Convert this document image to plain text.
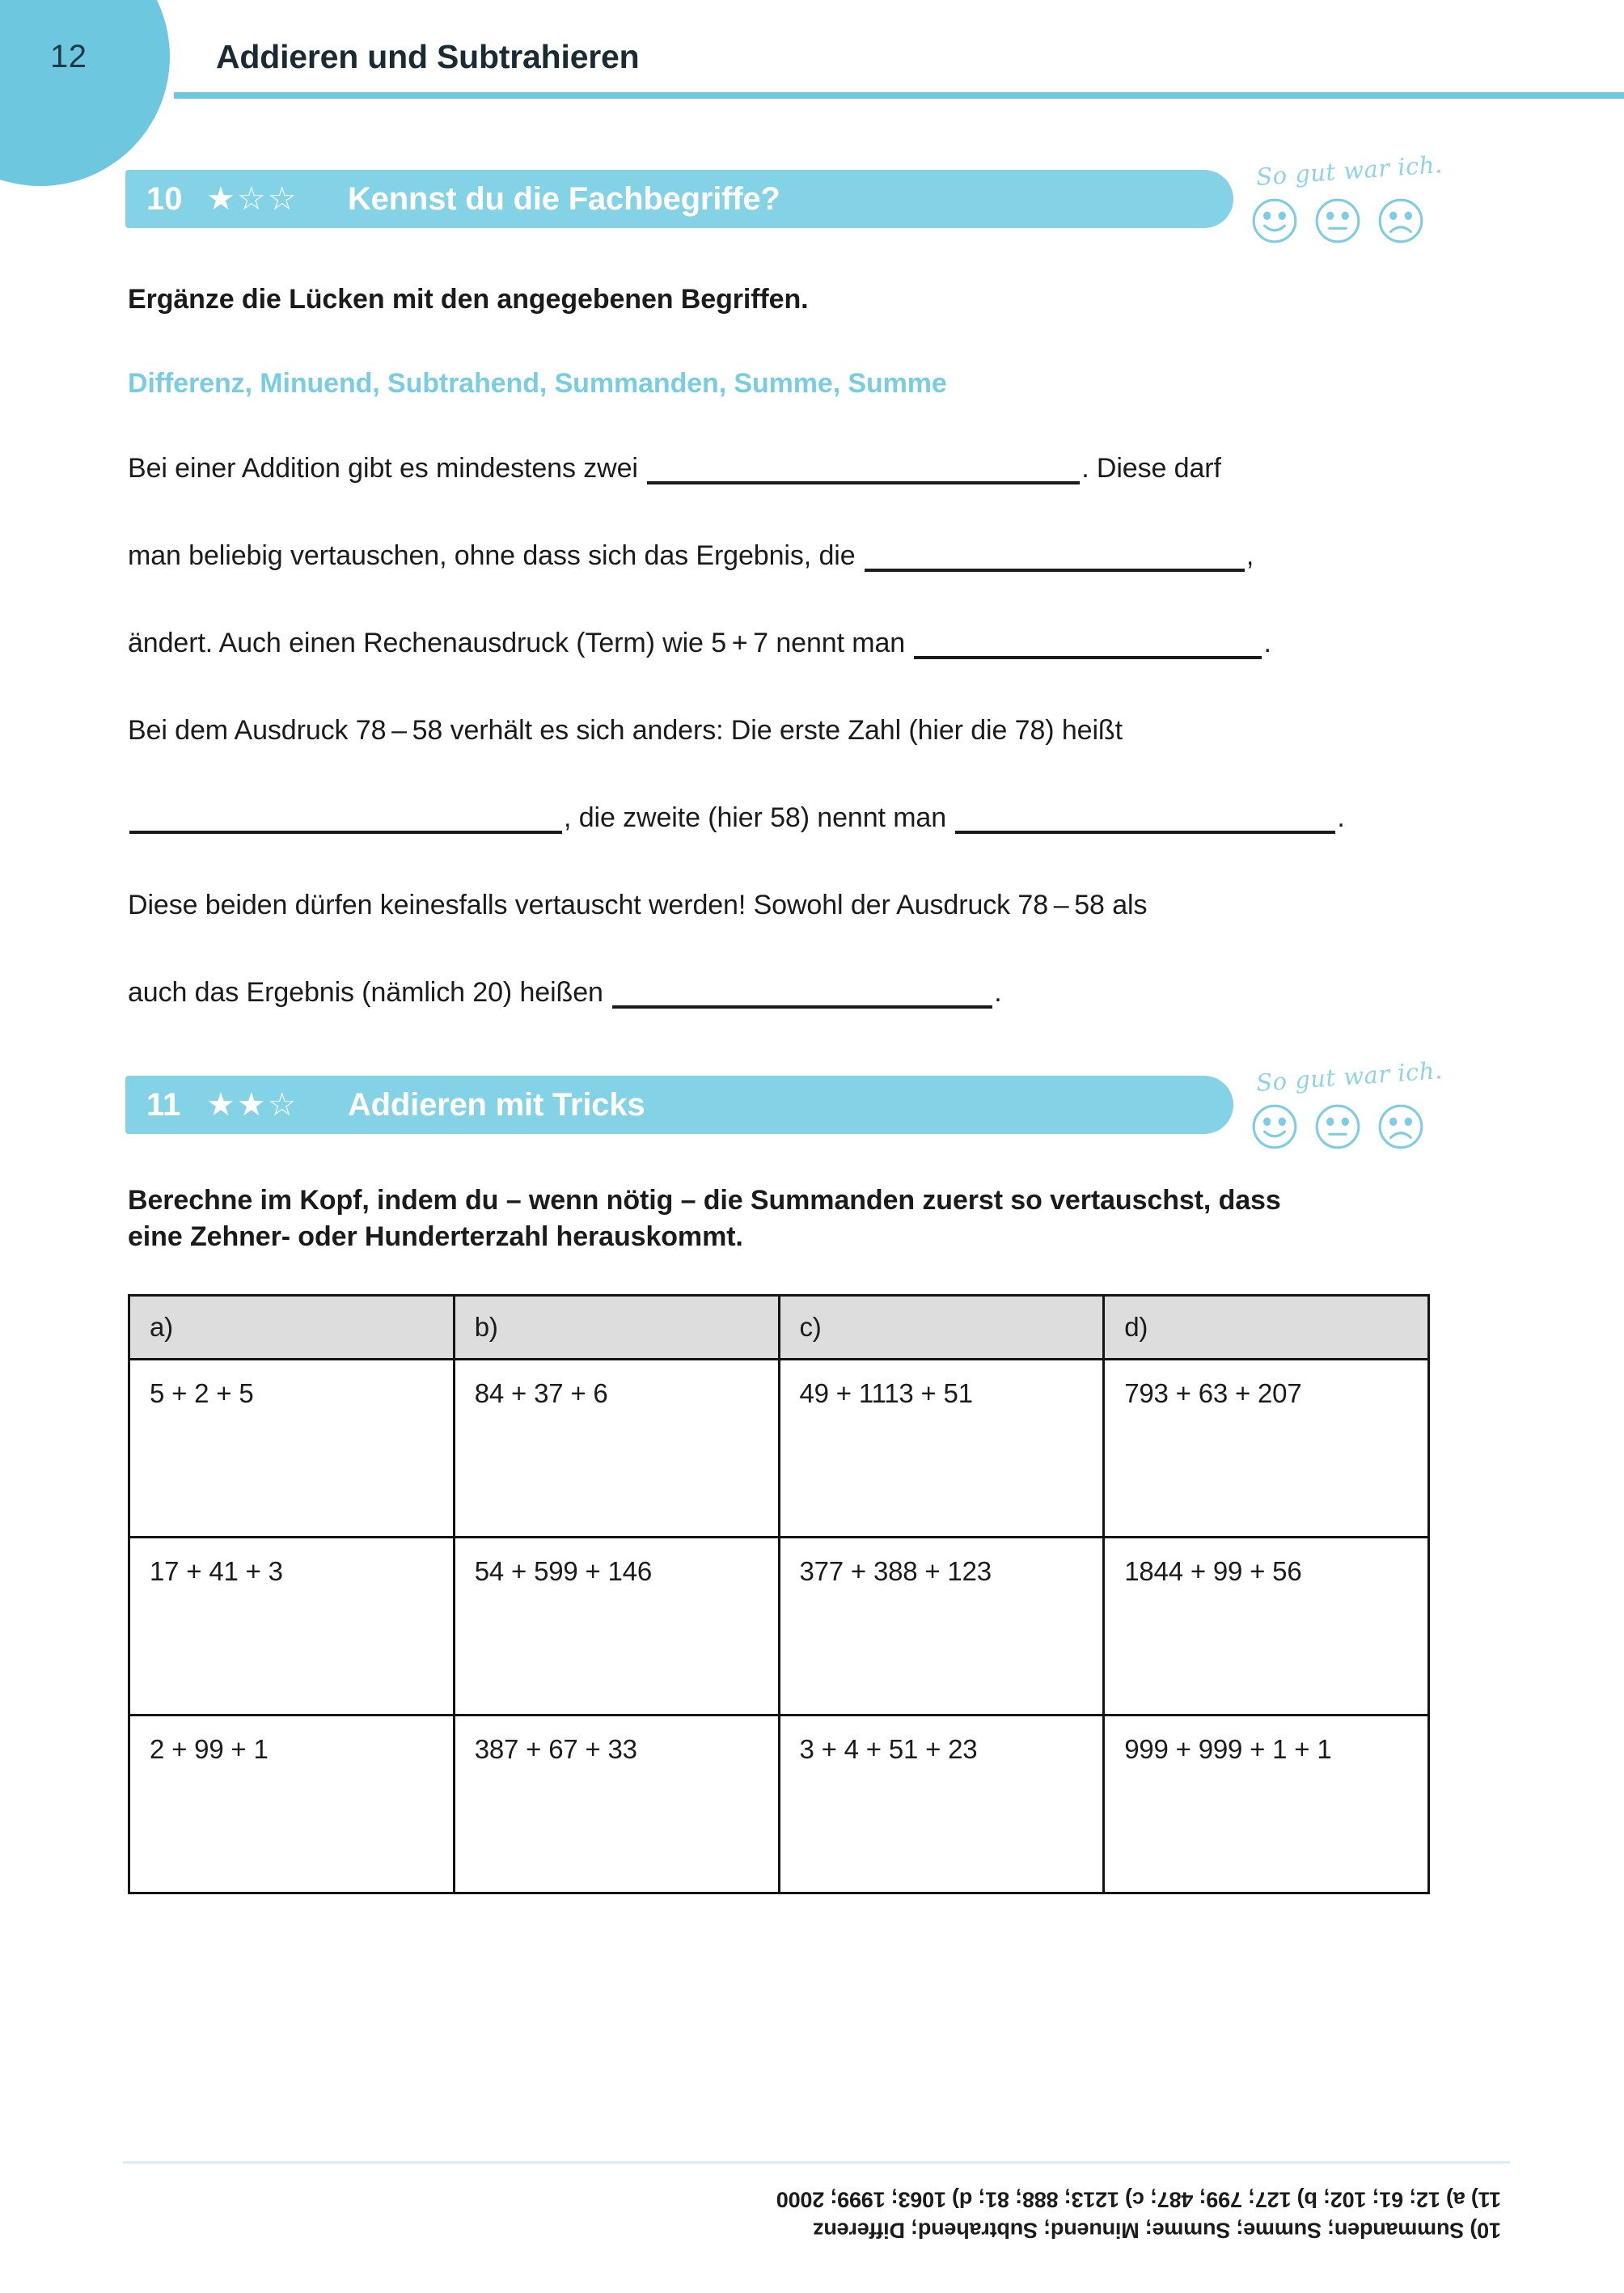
12	Addieren und Subtrahieren
10 ★ ☆ ☆ Kennst du die Fachbegriffe?
So gut war ich.
Ergänze die Lücken mit den angegebenen Begriffen.
Differenz, Minuend, Subtrahend, Summanden, Summe, Summe
Bei einer Addition gibt es mindestens zwei	. Diese darf
man beliebig vertauschen, ohne dass sich das Ergebnis, die	,
ändert. Auch einen Rechenausdruck (Term) wie 5 + 7 nennt man	.
Bei dem Ausdruck 78 – 58 verhält es sich anders: Die erste Zahl (hier die 78) heißt
, die zweite (hier 58) nennt man	.
Diese beiden dürfen keinesfalls vertauscht werden! Sowohl der Ausdruck 78 – 58 als
auch das Ergebnis (nämlich 20) heißen	.
11 ★ ★ ☆ Addieren mit Tricks
So gut war ich.
Berechne im Kopf, indem du – wenn nötig – die Summanden zuerst so vertauschst, dass
eine Zehner- oder Hunderterzahl herauskommt.
a)	b)	c)	d)
5 + 2 + 5	84 + 37 + 6	49 + 1113 + 51	793 + 63 + 207
17 + 41 + 3	54 + 599 + 146	377 + 388 + 123	1844 + 99 + 56
2 + 99 + 1	387 + 67 + 33	3 + 4 + 51 + 23	999 + 999 + 1 + 1
10) Summanden; Summe; Summe; Minuend; Subtrahend; Differenz
11) a) 12; 61; 102; b) 127; 799; 487; c) 1213; 888; 81; d) 1063; 1999; 2000
